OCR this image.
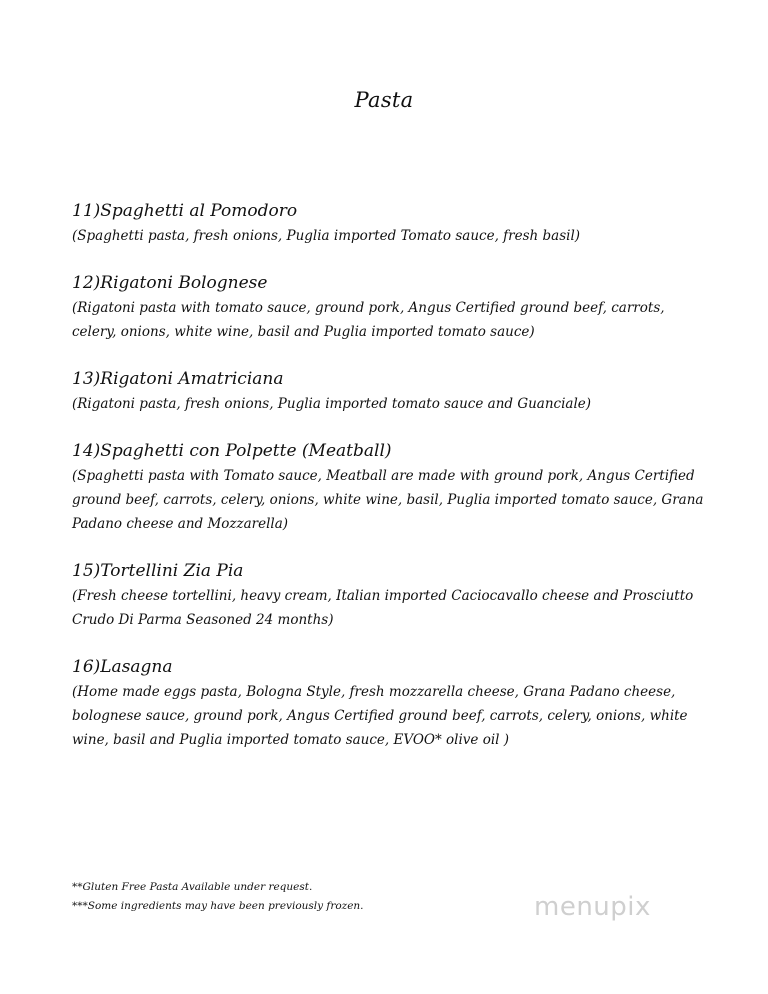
Pasta
11)Spaghetti al Pomodoro
(Spaghetti pasta, fresh onions, Puglia imported Tomato sauce, fresh basil)
12)Rigatoni Bolognese
(Rigatoni pasta with tomato sauce, ground pork, Angus Certified ground beef, carrots, celery, onions, white wine, basil and Puglia imported tomato sauce)
13)Rigatoni Amatriciana
(Rigatoni pasta, fresh onions, Puglia imported tomato sauce and Guanciale)
14)Spaghetti con Polpette (Meatball)
(Spaghetti pasta with Tomato sauce, Meatball are made with ground pork, Angus Certified ground beef, carrots, celery, onions, white wine, basil, Puglia imported tomato sauce, Grana Padano cheese and Mozzarella)
15)Tortellini Zia Pia
(Fresh cheese tortellini, heavy cream, Italian imported Caciocavallo cheese and Prosciutto Crudo Di Parma Seasoned 24 months)
16)Lasagna
(Home made eggs pasta, Bologna Style, fresh mozzarella cheese, Grana Padano cheese, bolognese sauce, ground pork, Angus Certified ground beef, carrots, celery, onions, white wine, basil and Puglia imported tomato sauce, EVOO* olive oil )
**Gluten Free Pasta Available under request.
***Some ingredients may have been previously frozen.	menupix
